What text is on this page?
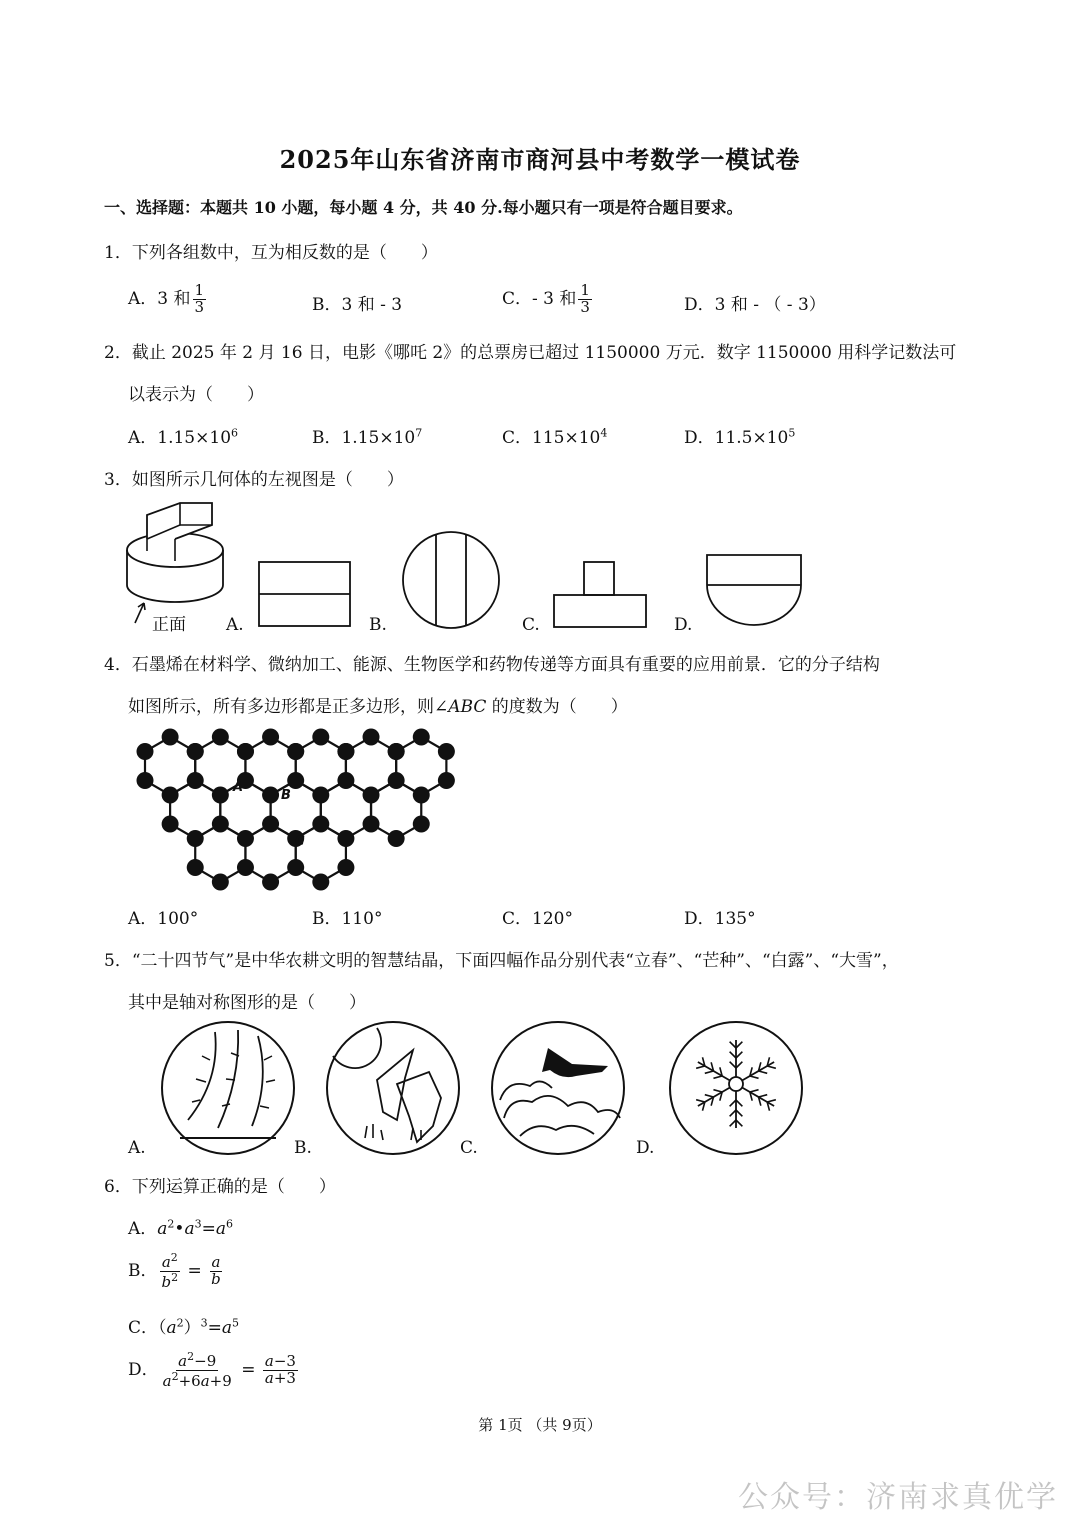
2025年山东省济南市商河县中考数学一模试卷
一、选择题：本题共 10 小题，每小题 4 分，共 40 分.每小题只有一项是符合题目要求。
1．下列各组数中，互为相反数的是（　　）
A．3 和 $\frac{1}{3}$	B．3 和 - 3	C．- 3 和 $\frac{1}{3}$	D．3 和 - （ - 3）
2．截止 2025 年 2 月 16 日，电影《哪吒 2》的总票房已超过 1150000 万元．数字 1150000 用科学记数法可
以表示为（　　）
A．$1.15\times 10^6$	B．$1.15\times 10^7$	C．$115\times 10^4$	D．$11.5\times 10^5$
3．如图所示几何体的左视图是（　　）
正面 A.	B.	C.	D.
4．石墨烯在材料学、微纳加工、能源、生物医学和药物传递等方面具有重要的应用前景．它的分子结构
如图所示，所有多边形都是正多边形，则∠ABC 的度数为（　　）
A
B
C
A．100°	B．110°	C．120°	D．135°
5．“二十四节气”是中华农耕文明的智慧结晶，下面四幅作品分别代表“立春”、“芒种”、“白露”、“大雪”，
其中是轴对称图形的是（　　）
A.	B.	C.	D.
6．下列运算正确的是（　　）
A．$a^2•a^3=a^6$
B． $\frac{a^2}{b^2} = \frac{a}{b}$
C．$(a^2)^3=a^5$
D． $\frac{a^2-9}{a^2+6a+9} = \frac{a-3}{a+3}$
第 1页 （共 9页）
公众号：济南求真优学
